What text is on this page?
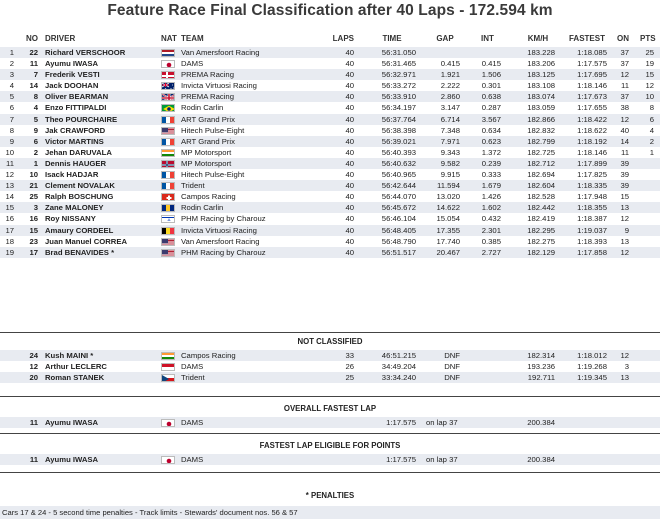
Feature Race Final Classification after 40 Laps - 172.594 km
NO DRIVER	NAT TEAM	LAPS	TIME	GAP	INT	KM/H	FASTEST ON PTS
1	22 Richard VERSCHOOR	Van Amersfoort Racing	40	56:31.050	183.228	1:18.085	37	25
2	11 Ayumu IWASA	DAMS	40	56:31.465	0.415	0.415	183.206	1:17.575	37	19
3	7 Frederik VESTI	PREMA Racing	40	56:32.971	1.921	1.506	183.125	1:17.695	12	15
4	14 Jack DOOHAN	Invicta Virtuosi Racing	40	56:33.272	2.222	0.301	183.108	1:18.146	11	12
5	8 Oliver BEARMAN	PREMA Racing	40	56:33.910	2.860	0.638	183.074	1:17.673	37	10
6	4 Enzo FITTIPALDI	Rodin Carlin	40	56:34.197	3.147	0.287	183.059	1:17.655	38	8
7	5 Theo POURCHAIRE	ART Grand Prix	40	56:37.764	6.714	3.567	182.866	1:18.422	12	6
8	9 Jak CRAWFORD	Hitech Pulse-Eight	40	56:38.398	7.348	0.634	182.832	1:18.622	40	4
9	6 Victor MARTINS	ART Grand Prix	40	56:39.021	7.971	0.623	182.799	1:18.192	14	2
10	2 Jehan DARUVALA	MP Motorsport	40	56:40.393	9.343	1.372	182.725	1:18.146	11	1
11	1 Dennis HAUGER	MP Motorsport	40	56:40.632	9.582	0.239	182.712	1:17.899	39
12	10 Isack HADJAR	Hitech Pulse-Eight	40	56:40.965	9.915	0.333	182.694	1:17.825	39
13	21 Clement NOVALAK	Trident	40	56:42.644	11.594	1.679	182.604	1:18.335	39
14	25 Ralph BOSCHUNG	Campos Racing	40	56:44.070	13.020	1.426	182.528	1:17.948	15
15	3 Zane MALONEY	Rodin Carlin	40	56:45.672	14.622	1.602	182.442	1:18.355	13
16	16 Roy NISSANY	PHM Racing by Charouz	40	56:46.104	15.054	0.432	182.419	1:18.387	12
17	15 Amaury CORDEEL	Invicta Virtuosi Racing	40	56:48.405	17.355	2.301	182.295	1:19.037	9
18	23 Juan Manuel CORREA	Van Amersfoort Racing	40	56:48.790	17.740	0.385	182.275	1:18.393	13
19	17 Brad BENAVIDES *	PHM Racing by Charouz	40	56:51.517	20.467	2.727	182.129	1:17.858	12
NOT CLASSIFIED
24 Kush MAINI *	Campos Racing	33	46:51.215	DNF	182.314	1:18.012	12
12 Arthur LECLERC	DAMS	26	34:49.204	DNF	193.236	1:19.268	3
20 Roman STANEK	Trident	25	33:34.240	DNF	192.711	1:19.345	13
OVERALL FASTEST LAP
11 Ayumu IWASA	DAMS	1:17.575 on lap 37	200.384
FASTEST LAP ELIGIBLE FOR POINTS
11 Ayumu IWASA	DAMS	1:17.575 on lap 37	200.384
* PENALTIES
Cars 17 & 24 - 5 second time penalties - Track limits - Stewards' document nos. 56 & 57
